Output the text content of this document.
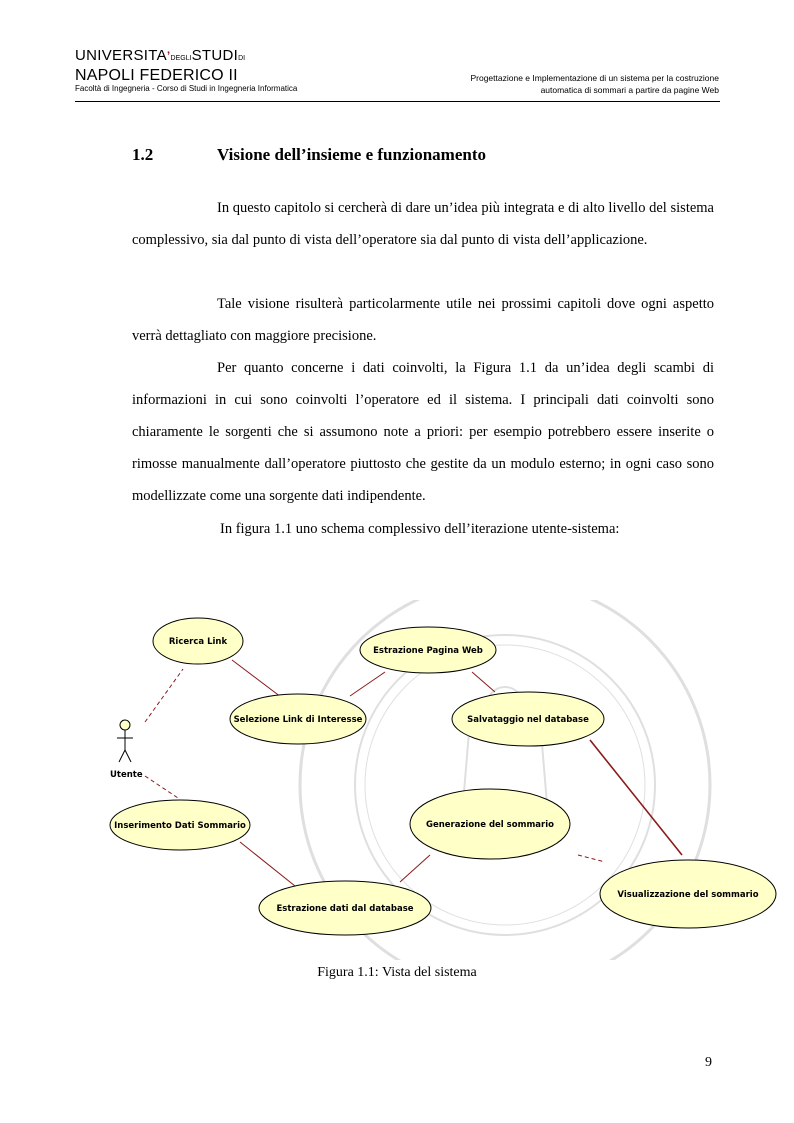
UNIVERSITA’DEGLISTUDIDI
NAPOLI FEDERICO II
Facoltà di Ingegneria - Corso di Studi in Ingegneria Informatica
Progettazione e Implementazione di un sistema per la costruzione
automatica di sommari a partire da pagine Web
1.2	Visione dell’insieme e funzionamento

In questo capitolo si cercherà di dare un’idea più integrata e di alto livello del sistema complessivo, sia dal punto di vista dell’operatore sia dal punto di vista dell’applicazione.

Tale visione risulterà particolarmente utile nei prossimi capitoli dove ogni aspetto verrà dettagliato con maggiore precisione.

Per quanto concerne i dati coinvolti, la Figura 1.1 da un’idea degli scambi di informazioni in cui sono coinvolti l’operatore ed il sistema. I principali dati coinvolti sono chiaramente le sorgenti che si assumono note a priori: per esempio potrebbero essere inserite o rimosse manualmente dall’operatore piuttosto che gestite da un modulo esterno; in ogni caso sono modellizzate come una sorgente dati indipendente.

In figura 1.1 uno schema complessivo dell’iterazione utente-sistema:
Utente
Ricerca Link
Estrazione Pagina Web
Selezione Link di Interesse	Salvataggio nel database
Inserimento Dati Sommario	Generazione del sommario
Estrazione dati dal database
Visualizzazione del sommario
Figura 1.1: Vista del sistema
9
